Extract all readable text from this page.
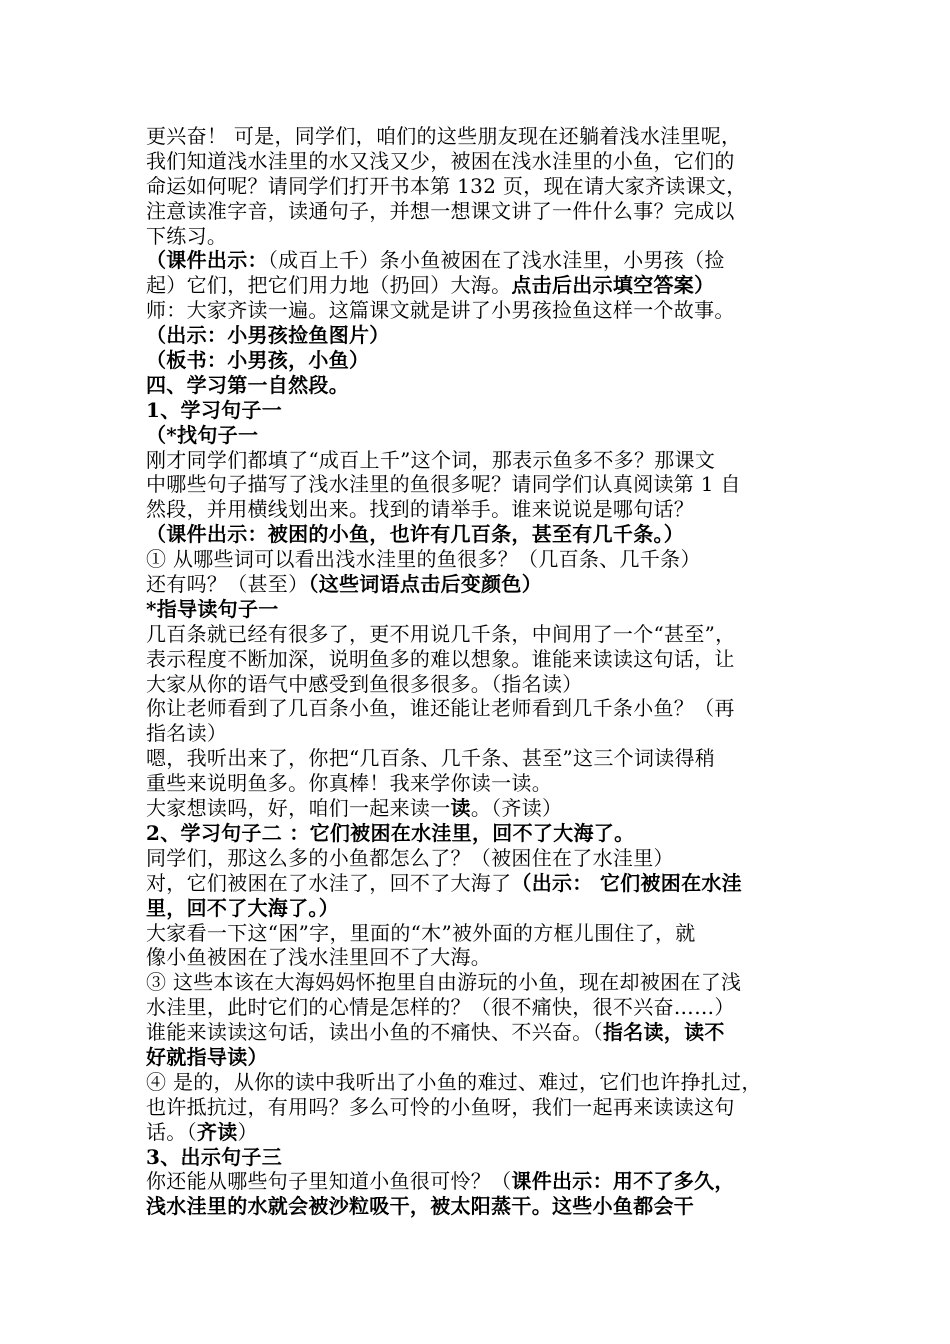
更兴奋！ 可是，同学们，咱们的这些朋友现在还躺着浅水洼里呢，
我们知道浅水洼里的水又浅又少，被困在浅水洼里的小鱼，它们的
命运如何呢？请同学们打开书本第 132 页，现在请大家齐读课文，
注意读准字音，读通句子，并想一想课文讲了一件什么事？完成以
下练习。
（课件出示：（成百上千）条小鱼被困在了浅水洼里，小男孩（捡
起）它们，把它们用力地（扔回）大海。点击后出示填空答案）
师：大家齐读一遍。这篇课文就是讲了小男孩捡鱼这样一个故事。
（出示：小男孩捡鱼图片）
（板书：小男孩，小鱼）
四、学习第一自然段。
1、学习句子一
（*找句子一
刚才同学们都填了“成百上千”这个词，那表示鱼多不多？那课文
中哪些句子描写了浅水洼里的鱼很多呢？请同学们认真阅读第 1 自
然段，并用横线划出来。找到的请举手。谁来说说是哪句话？
（课件出示：被困的小鱼，也许有几百条，甚至有几千条。）
① 从哪些词可以看出浅水洼里的鱼很多？（几百条、几千条）
还有吗？（甚至）（这些词语点击后变颜色）
*指导读句子一
几百条就已经有很多了，更不用说几千条，中间用了一个“甚至”，
表示程度不断加深，说明鱼多的难以想象。谁能来读读这句话，让
大家从你的语气中感受到鱼很多很多。（指名读）
你让老师看到了几百条小鱼，谁还能让老师看到几千条小鱼？（再
指名读）
嗯，我听出来了，你把“几百条、几千条、甚至”这三个词读得稍
重些来说明鱼多。你真棒！我来学你读一读。
大家想读吗，好，咱们一起来读一读。（齐读）
2、学习句子二 ：它们被困在水洼里，回不了大海了。
同学们，那这么多的小鱼都怎么了？（被困住在了水洼里）
对，它们被困在了水洼了，回不了大海了（出示： 它们被困在水洼
里，回不了大海了。）
大家看一下这“困”字，里面的“木”被外面的方框儿围住了，就
像小鱼被困在了浅水洼里回不了大海。
③ 这些本该在大海妈妈怀抱里自由游玩的小鱼，现在却被困在了浅
水洼里，此时它们的心情是怎样的？（很不痛快，很不兴奋……）
谁能来读读这句话，读出小鱼的不痛快、不兴奋。（指名读，读不
好就指导读）
④ 是的，从你的读中我听出了小鱼的难过、难过，它们也许挣扎过，
也许抵抗过，有用吗？多么可怜的小鱼呀，我们一起再来读读这句
话。（齐读）
3、出示句子三
你还能从哪些句子里知道小鱼很可怜？（课件出示：用不了多久，
浅水洼里的水就会被沙粒吸干，被太阳蒸干。这些小鱼都会干
